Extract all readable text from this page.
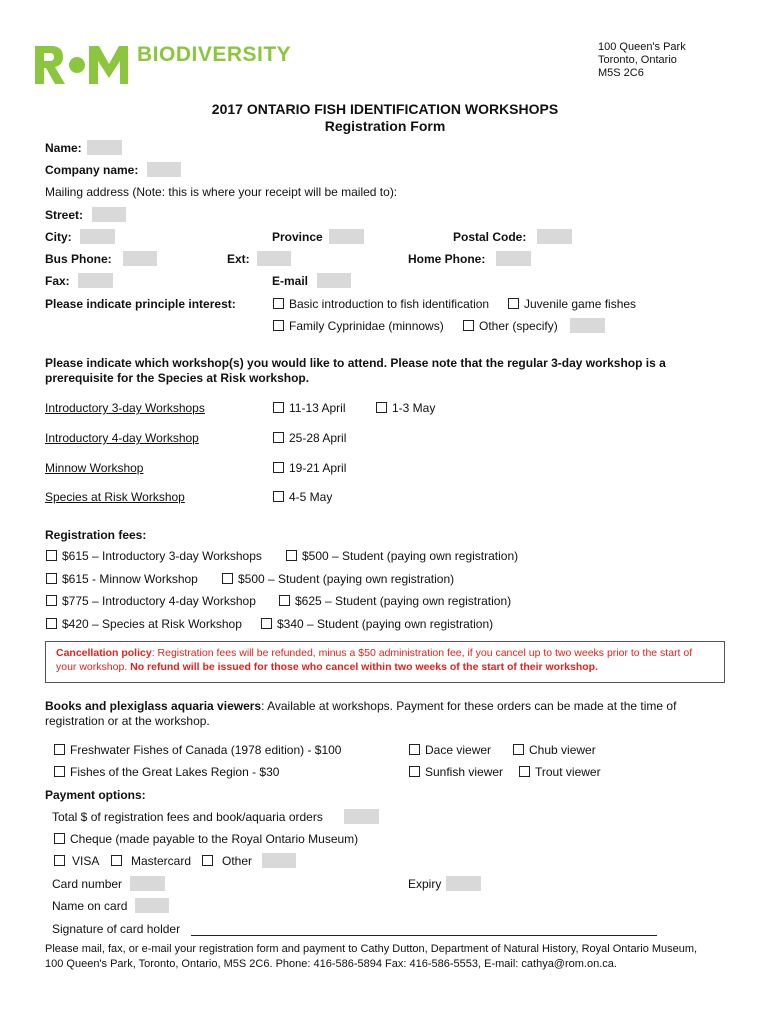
BIODIVERSITY	100 Queen's Park
Toronto, Ontario
M5S 2C6
2017 ONTARIO FISH IDENTIFICATION WORKSHOPS
Registration Form
Name:
Company name:
Mailing address (Note: this is where your receipt will be mailed to):
Street:
City:	Province	Postal Code:
Bus Phone:	Ext:	Home Phone:
Fax:	E-mail
Please indicate principle interest:	Basic introduction to fish identification	Juvenile game fishes
Family Cyprinidae (minnows)	Other (specify)
Please indicate which workshop(s) you would like to attend. Please note that the regular 3-day workshop is a
prerequisite for the Species at Risk workshop.
Introductory 3-day Workshops	11-13 April	1-3 May
Introductory 4-day Workshop	25-28 April
Minnow Workshop	19-21 April
Species at Risk Workshop	4-5 May
Registration fees:
$615 – Introductory 3-day Workshops	$500 – Student (paying own registration)
$615 - Minnow Workshop	$500 – Student (paying own registration)
$775 – Introductory 4-day Workshop	$625 – Student (paying own registration)
$420 – Species at Risk Workshop	$340 – Student (paying own registration)
Cancellation policy: Registration fees will be refunded, minus a $50 administration fee, if you cancel up to two weeks prior to the start of your workshop. No refund will be issued for those who cancel within two weeks of the start of their workshop.
Books and plexiglass aquaria viewers: Available at workshops. Payment for these orders can be made at the time of
registration or at the workshop.
Freshwater Fishes of Canada (1978 edition) - $100	Dace viewer	Chub viewer
Fishes of the Great Lakes Region - $30	Sunfish viewer	Trout viewer
Payment options:
Total $ of registration fees and book/aquaria orders
Cheque (made payable to the Royal Ontario Museum)
VISA	Mastercard	Other
Card number	Expiry
Name on card
Signature of card holder
Please mail, fax, or e-mail your registration form and payment to Cathy Dutton, Department of Natural History, Royal Ontario Museum,
100 Queen's Park, Toronto, Ontario, M5S 2C6. Phone: 416-586-5894 Fax: 416-586-5553, E-mail: cathya@rom.on.ca.
